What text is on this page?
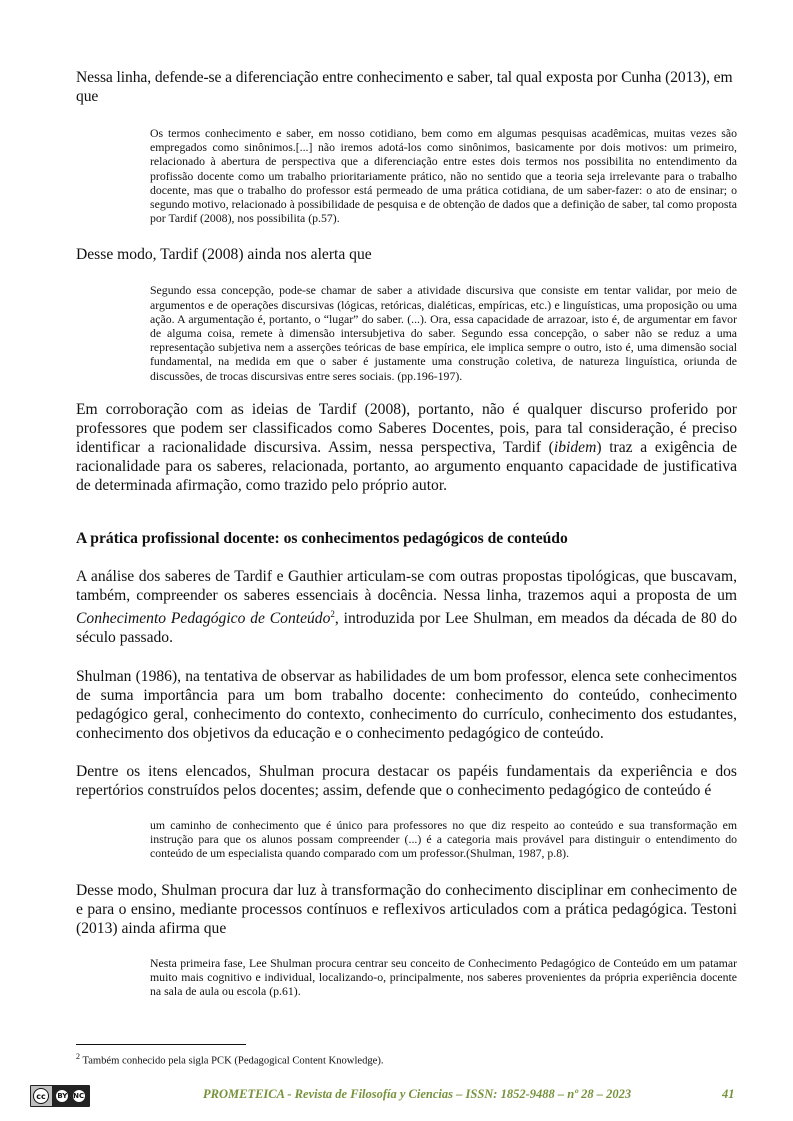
Nessa linha, defende-se a diferenciação entre conhecimento e saber, tal qual exposta por Cunha (2013), em que

Os termos conhecimento e saber, em nosso cotidiano, bem como em algumas pesquisas acadêmicas, muitas vezes são empregados como sinônimos.[...] não iremos adotá-los como sinônimos, basicamente por dois motivos: um primeiro, relacionado à abertura de perspectiva que a diferenciação entre estes dois termos nos possibilita no entendimento da profissão docente como um trabalho prioritariamente prático, não no sentido que a teoria seja irrelevante para o trabalho docente, mas que o trabalho do professor está permeado de uma prática cotidiana, de um saber-fazer: o ato de ensinar; o segundo motivo, relacionado à possibilidade de pesquisa e de obtenção de dados que a definição de saber, tal como proposta por Tardif (2008), nos possibilita (p.57).

Desse modo, Tardif (2008) ainda nos alerta que

Segundo essa concepção, pode-se chamar de saber a atividade discursiva que consiste em tentar validar, por meio de argumentos e de operações discursivas (lógicas, retóricas, dialéticas, empíricas, etc.) e linguísticas, uma proposição ou uma ação. A argumentação é, portanto, o “lugar” do saber. (...). Ora, essa capacidade de arrazoar, isto é, de argumentar em favor de alguma coisa, remete à dimensão intersubjetiva do saber. Segundo essa concepção, o saber não se reduz a uma representação subjetiva nem a asserções teóricas de base empírica, ele implica sempre o outro, isto é, uma dimensão social fundamental, na medida em que o saber é justamente uma construção coletiva, de natureza linguística, oriunda de discussões, de trocas discursivas entre seres sociais. (pp.196-197).

Em corroboração com as ideias de Tardif (2008), portanto, não é qualquer discurso proferido por professores que podem ser classificados como Saberes Docentes, pois, para tal consideração, é preciso identificar a racionalidade discursiva. Assim, nessa perspectiva, Tardif (ibidem) traz a exigência de racionalidade para os saberes, relacionada, portanto, ao argumento enquanto capacidade de justificativa de determinada afirmação, como trazido pelo próprio autor.

A prática profissional docente: os conhecimentos pedagógicos de conteúdo

A análise dos saberes de Tardif e Gauthier articulam-se com outras propostas tipológicas, que buscavam, também, compreender os saberes essenciais à docência. Nessa linha, trazemos aqui a proposta de um Conhecimento Pedagógico de Conteúdo$^2$, introduzida por Lee Shulman, em meados da década de 80 do século passado.

Shulman (1986), na tentativa de observar as habilidades de um bom professor, elenca sete conhecimentos de suma importância para um bom trabalho docente: conhecimento do conteúdo, conhecimento pedagógico geral, conhecimento do contexto, conhecimento do currículo, conhecimento dos estudantes, conhecimento dos objetivos da educação e o conhecimento pedagógico de conteúdo.

Dentre os itens elencados, Shulman procura destacar os papéis fundamentais da experiência e dos repertórios construídos pelos docentes; assim, defende que o conhecimento pedagógico de conteúdo é

um caminho de conhecimento que é único para professores no que diz respeito ao conteúdo e sua transformação em instrução para que os alunos possam compreender (...) é a categoria mais provável para distinguir o entendimento do conteúdo de um especialista quando comparado com um professor.(Shulman, 1987, p.8).

Desse modo, Shulman procura dar luz à transformação do conhecimento disciplinar em conhecimento de e para o ensino, mediante processos contínuos e reflexivos articulados com a prática pedagógica. Testoni (2013) ainda afirma que

Nesta primeira fase, Lee Shulman procura centrar seu conceito de Conhecimento Pedagógico de Conteúdo em um patamar muito mais cognitivo e individual, localizando-o, principalmente, nos saberes provenientes da própria experiência docente na sala de aula ou escola (p.61).

$^2$ Também conhecido pela sigla PCK (Pedagogical Content Knowledge).
cc	BY NC	PROMETEICA - Revista de Filosofía y Ciencias – ISSN: 1852-9488 – nº 28 – 2023	41
